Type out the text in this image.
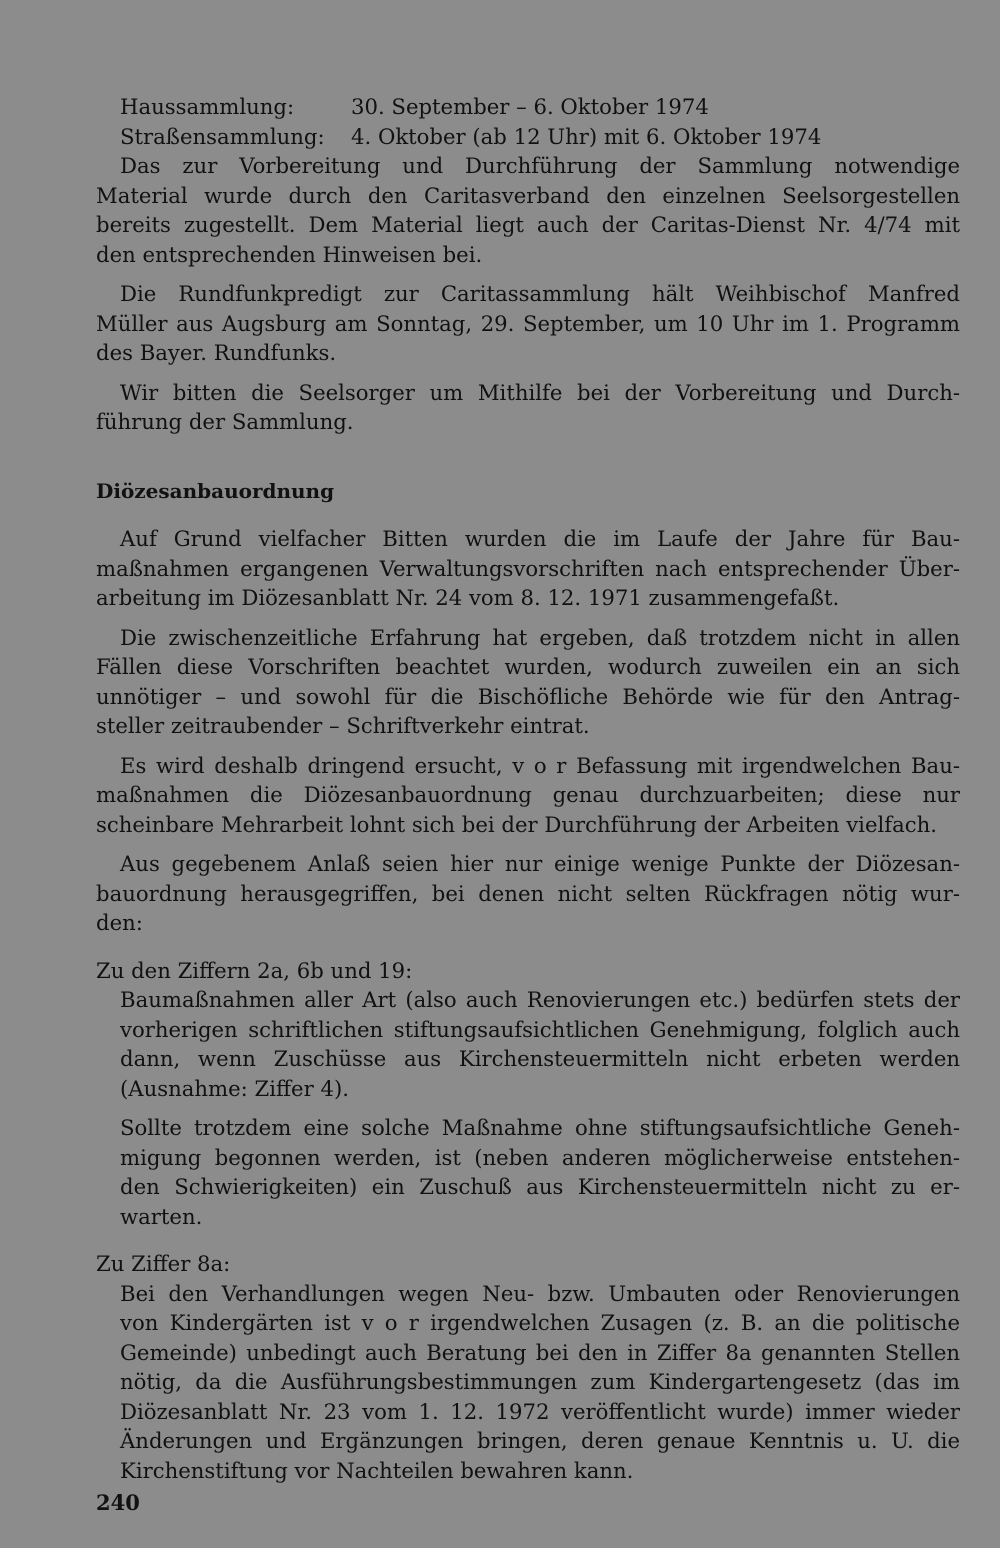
Haussammlung:	30. September – 6. Oktober 1974
Straßensammlung:	4. Oktober (ab 12 Uhr) mit 6. Oktober 1974
Das zur Vorbereitung und Durchführung der Sammlung notwendige
Material wurde durch den Caritasverband den einzelnen Seelsorgestellen
bereits zugestellt. Dem Material liegt auch der Caritas-Dienst Nr. 4/74 mit
den entsprechenden Hinweisen bei.
Die Rundfunkpredigt zur Caritassammlung hält Weihbischof Manfred
Müller aus Augsburg am Sonntag, 29. September, um 10 Uhr im 1. Programm
des Bayer. Rundfunks.
Wir bitten die Seelsorger um Mithilfe bei der Vorbereitung und Durch-
führung der Sammlung.
Diözesanbauordnung
Auf Grund vielfacher Bitten wurden die im Laufe der Jahre für Bau-
maßnahmen ergangenen Verwaltungsvorschriften nach entsprechender Über-
arbeitung im Diözesanblatt Nr. 24 vom 8. 12. 1971 zusammengefaßt.
Die zwischenzeitliche Erfahrung hat ergeben, daß trotzdem nicht in allen
Fällen diese Vorschriften beachtet wurden, wodurch zuweilen ein an sich
unnötiger – und sowohl für die Bischöfliche Behörde wie für den Antrag-
steller zeitraubender – Schriftverkehr eintrat.
Es wird deshalb dringend ersucht, v o r Befassung mit irgendwelchen Bau-
maßnahmen die Diözesanbauordnung genau durchzuarbeiten; diese nur
scheinbare Mehrarbeit lohnt sich bei der Durchführung der Arbeiten vielfach.
Aus gegebenem Anlaß seien hier nur einige wenige Punkte der Diözesan-
bauordnung herausgegriffen, bei denen nicht selten Rückfragen nötig wur-
den:
Zu den Ziffern 2a, 6b und 19:
Baumaßnahmen aller Art (also auch Renovierungen etc.) bedürfen stets der
vorherigen schriftlichen stiftungsaufsichtlichen Genehmigung, folglich auch
dann, wenn Zuschüsse aus Kirchensteuermitteln nicht erbeten werden
(Ausnahme: Ziffer 4).
Sollte trotzdem eine solche Maßnahme ohne stiftungsaufsichtliche Geneh-
migung begonnen werden, ist (neben anderen möglicherweise entstehen-
den Schwierigkeiten) ein Zuschuß aus Kirchensteuermitteln nicht zu er-
warten.
Zu Ziffer 8a:
Bei den Verhandlungen wegen Neu- bzw. Umbauten oder Renovierungen
von Kindergärten ist v o r irgendwelchen Zusagen (z. B. an die politische
Gemeinde) unbedingt auch Beratung bei den in Ziffer 8a genannten Stellen
nötig, da die Ausführungsbestimmungen zum Kindergartengesetz (das im
Diözesanblatt Nr. 23 vom 1. 12. 1972 veröffentlicht wurde) immer wieder
Änderungen und Ergänzungen bringen, deren genaue Kenntnis u. U. die
Kirchenstiftung vor Nachteilen bewahren kann.
240
